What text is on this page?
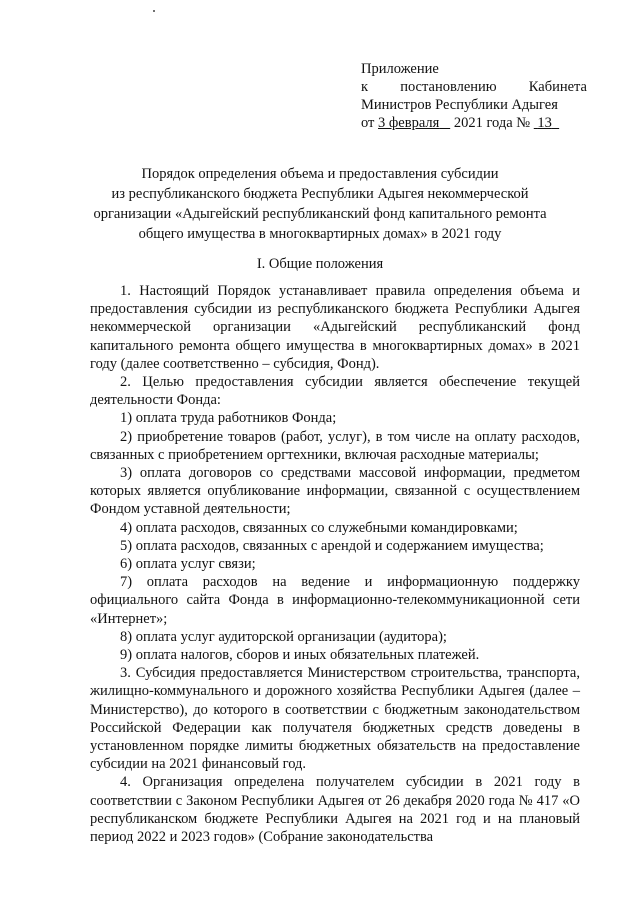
Приложение
к постановлению Кабинета
Министров Республики Адыгея
от 3 февраля 2021 года № 13
Порядок определения объема и предоставления субсидии
из республиканского бюджета Республики Адыгея некоммерческой
организации «Адыгейский республиканский фонд капитального ремонта
общего имущества в многоквартирных домах» в 2021 году
I. Общие положения

1. Настоящий Порядок устанавливает правила определения объема и предоставления субсидии из республиканского бюджета Республики Адыгея некоммерческой организации «Адыгейский республиканский фонд капитального ремонта общего имущества в многоквартирных домах» в 2021 году (далее соответственно – субсидия, Фонд).

2. Целью предоставления субсидии является обеспечение текущей деятельности Фонда:

1) оплата труда работников Фонда;

2) приобретение товаров (работ, услуг), в том числе на оплату расходов, связанных с приобретением оргтехники, включая расходные материалы;

3) оплата договоров со средствами массовой информации, предметом которых является опубликование информации, связанной с осуществлением Фондом уставной деятельности;

4) оплата расходов, связанных со служебными командировками;

5) оплата расходов, связанных с арендой и содержанием имущества;

6) оплата услуг связи;

7) оплата расходов на ведение и информационную поддержку официального сайта Фонда в информационно-телекоммуникационной сети «Интернет»;

8) оплата услуг аудиторской организации (аудитора);

9) оплата налогов, сборов и иных обязательных платежей.

3. Субсидия предоставляется Министерством строительства, транспорта, жилищно-коммунального и дорожного хозяйства Республики Адыгея (далее – Министерство), до которого в соответствии с бюджетным законодательством Российской Федерации как получателя бюджетных средств доведены в установленном порядке лимиты бюджетных обязательств на предоставление субсидии на 2021 финансовый год.

4. Организация определена получателем субсидии в 2021 году в соответствии с Законом Республики Адыгея от 26 декабря 2020 года № 417 «О республиканском бюджете Республики Адыгея на 2021 год и на плановый период 2022 и 2023 годов» (Собрание законодательства
